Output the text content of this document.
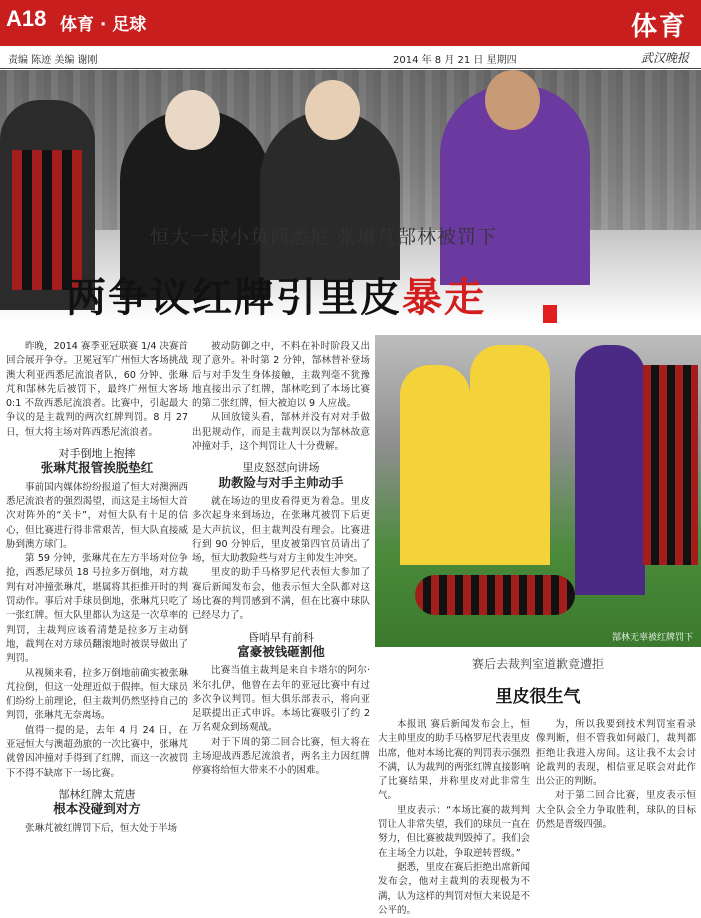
A18 体育 · 足球	体育
责编 陈迹 美编 谢刚	2014 年 8 月 21 日 星期四	武汉晚报
恒大一球小负西悉尼 张琳芃郜林被罚下
两争议红牌引里皮暴走

昨晚，2014 赛季亚冠联赛 1/4 决赛首回合展开争夺。卫冕冠军广州恒大客场挑战澳大利亚西悉尼流浪者队，60 分钟、张琳芃和郜林先后被罚下，最终广州恒大客场 0:1 不敌西悉尼流浪者。比赛中，引起最大争议的是主裁判的两次红牌判罚。8 月 27 日，恒大将主场对阵西悉尼流浪者。

对手倒地上抱摔
张琳芃报管挨脱垫红

事前国内媒体纷纷报道了恒大对澳洲西悉尼流浪者的强烈渴望，而这是主场恒大首次对阵外的“关卡”，对恒大队有十足的信心，但比赛进行得非常艰苦，恒大队直接威胁到澳方球门。

第 59 分钟，张琳芃在左方半场对位争抢，西悉尼球员 18 号拉多万倒地，对方裁判有对冲撞张琳芃，堪属将其拒推开时的判罚动作。事后对手球员倒地，张琳芃只吃了一张红牌。恒大队里都认为这是一次草率的判罚，主裁判应该看清楚是拉多万主动倒地，裁判在对方球员翻滚地时被误导做出了判罚。

从视频来看，拉多万倒地前确实被张琳芃拉倒，但这一处理近似于假摔。恒大球员们纷纷上前理论，但主裁判仍然坚持自己的判罚，张琳芃无奈离场。

值得一提的是，去年 4 月 24 日，在亚冠恒大与澳超劲旅的一次比赛中，张琳芃就曾因冲撞对手得到了红牌，而这一次被罚下不得不缺席下一场比赛。

郜林红牌太荒唐
根本没碰到对方

张琳芃被红牌罚下后，恒大处于半场

被动防御之中，不料在补时阶段又出现了意外。补时第 2 分钟，郜林替补登场后与对手发生身体接触，主裁判毫不犹豫地直接出示了红牌，郜林吃到了本场比赛的第二张红牌，恒大被迫以 9 人应战。

从回放镜头看，郜林并没有对对手做出犯规动作，而是主裁判误以为郜林故意冲撞对手，这个判罚让人十分费解。

里皮怒怼向讲场
助教险与对手主帅动手

就在场边的里皮看得更为着急。里皮多次起身来到场边，在张琳芃被罚下后更是大声抗议，但主裁判没有理会。比赛进行到 90 分钟后，里皮被第四官员请出了场，恒大助教险些与对方主帅发生冲突。

里皮的助手马格罗尼代表恒大参加了赛后新闻发布会，他表示恒大全队都对这场比赛的判罚感到不满，但在比赛中球队已经尽力了。

昏哨早有前科
富豪被钱砸割他

比赛当值主裁判是来自卡塔尔的阿尔·米尔扎伊，他曾在去年的亚冠比赛中有过多次争议判罚。恒大俱乐部表示，将向亚足联提出正式申诉。本场比赛吸引了约 2 万名观众到场观战。

对于下周的第二回合比赛，恒大将在主场迎战西悉尼流浪者，两名主力因红牌停赛将给恒大带来不小的困难。

郜林无辜被红牌罚下
赛后去裁判室道歉竟遭拒
里皮很生气

本报讯 赛后新闻发布会上，恒大主帅里皮的助手马格罗尼代表里皮出席，他对本场比赛的判罚表示强烈不满，认为裁判的两张红牌直接影响了比赛结果，并称里皮对此非常生气。

里皮表示：“本场比赛的裁判判罚让人非常失望，我们的球员一直在努力，但比赛被裁判毁掉了。我们会在主场全力以赴，争取逆转晋级。”

据悉，里皮在赛后拒绝出席新闻发布会，他对主裁判的表现极为不满，认为这样的判罚对恒大来说是不公平的。

为，所以我要到技术判罚室看录像判断，但不管我如何敲门，裁判都拒绝让我进入房间。这让我不太会讨论裁判的表现，相信亚足联会对此作出公正的判断。

对于第二回合比赛，里皮表示恒大全队会全力争取胜利，球队的目标仍然是晋级四强。
